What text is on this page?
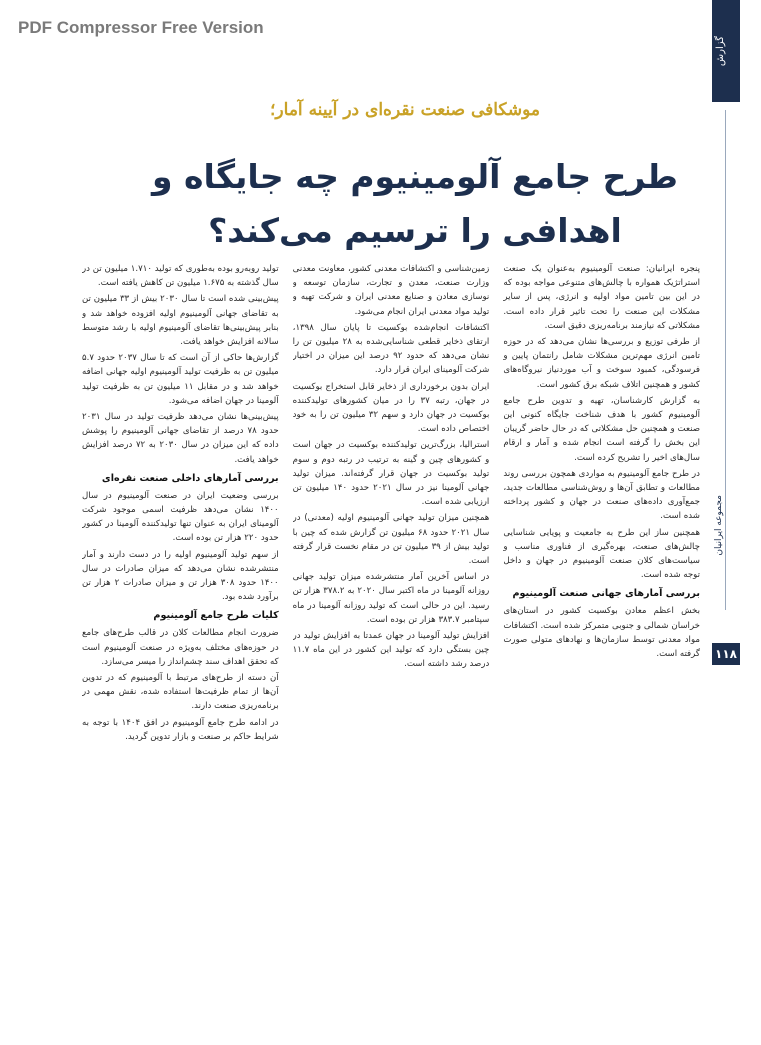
PDF Compressor Free Version
گزارش
مجموعه ایرانیان
۱۱۸
موشکافی صنعت نقره‌ای در آیینه آمار؛
طرح جامع آلومینیوم چه جایگاه و اهدافی را ترسیم می‌کند؟

پنجره ایرانیان: صنعت آلومینیوم به‌عنوان یک صنعت استراتژیک همواره با چالش‌های متنوعی مواجه بوده که در این بین تامین مواد اولیه و انرژی، پس از سایر مشکلات این صنعت را تحت تاثیر قرار داده است. مشکلاتی که نیازمند برنامه‌ریزی دقیق است.

از طرفی توزیع و بررسی‌ها نشان می‌دهد که در حوزه تامین انرژی مهم‌ترین مشکلات شامل رانتمان پایین و فرسودگی، کمبود سوخت و آب موردنیاز نیروگاه‌های کشور و همچنین اتلاف شبکه برق کشور است.

به گزارش کارشناسان، تهیه و تدوین طرح جامع آلومینیوم کشور با هدف شناخت جایگاه کنونی این صنعت و همچنین حل مشکلاتی که در حال حاضر گریبان این بخش را گرفته است انجام شده و آمار و ارقام سال‌های اخیر را تشریح کرده است.

در طرح جامع آلومینیوم به مواردی همچون بررسی روند مطالعات و تطابق آن‌ها و روش‌شناسی مطالعات جدید، جمع‌آوری داده‌های صنعت در جهان و کشور پرداخته شده است.

همچنین ساز این طرح به جامعیت و پویایی شناسایی چالش‌های صنعت، بهره‌گیری از فناوری مناسب و سیاست‌های کلان صنعت آلومینیوم در جهان و داخل توجه شده است.

بررسی آمارهای جهانی صنعت آلومینیوم

بخش اعظم معادن بوکسیت کشور در استان‌های خراسان شمالی و جنوبی متمرکز شده است. اکتشافات مواد معدنی توسط سازمان‌ها و نهادهای متولی صورت گرفته است.

زمین‌شناسی و اکتشافات معدنی کشور، معاونت معدنی وزارت صنعت، معدن و تجارت، سازمان توسعه و نوسازی معادن و صنایع معدنی ایران و شرکت تهیه و تولید مواد معدنی ایران انجام می‌شود.

اکتشافات انجام‌شده بوکسیت تا پایان سال ۱۳۹۸، ارتقای ذخایر قطعی شناسایی‌شده به ۲۸ میلیون تن را نشان می‌دهد که حدود ۹۲ درصد این میزان در اختیار شرکت آلومینای ایران قرار دارد.

ایران بدون برخورداری از ذخایر قابل استخراج بوکسیت در جهان، رتبه ۳۷ را در میان کشورهای تولیدکننده بوکسیت در جهان دارد و سهم ۳۲ میلیون تن را به خود اختصاص داده است.

استرالیا، بزرگ‌ترین تولیدکننده بوکسیت در جهان است و کشورهای چین و گینه به ترتیب در رتبه دوم و سوم تولید بوکسیت در جهان قرار گرفته‌اند. میزان تولید جهانی آلومینا نیز در سال ۲۰۲۱ حدود ۱۴۰ میلیون تن ارزیابی شده است.

همچنین میزان تولید جهانی آلومینیوم اولیه (معدنی) در سال ۲۰۲۱ حدود ۶۸ میلیون تن گزارش شده که چین با تولید بیش از ۳۹ میلیون تن در مقام نخست قرار گرفته است.

در اساس آخرین آمار منتشرشده میزان تولید جهانی روزانه آلومینا در ماه اکتبر سال ۲۰۲۰ به ۳۷۸.۲ هزار تن رسید. این در حالی است که تولید روزانه آلومینا در ماه سپتامبر ۳۸۳.۷ هزار تن بوده است.

افزایش تولید آلومینا در جهان عمدتا به افزایش تولید در چین بستگی دارد که تولید این کشور در این ماه ۱۱.۷ درصد رشد داشته است.

تولید روبه‌رو بوده به‌طوری که تولید ۱.۷۱۰ میلیون تن در سال گذشته به ۱.۶۷۵ میلیون تن کاهش یافته است.

پیش‌بینی شده است تا سال ۲۰۳۰ بیش از ۳۳ میلیون تن به تقاضای جهانی آلومینیوم اولیه افزوده خواهد شد و بنابر پیش‌بینی‌ها تقاضای آلومینیوم اولیه با رشد متوسط سالانه افزایش خواهد یافت.

گزارش‌ها حاکی از آن است که تا سال ۲۰۳۷ حدود ۵.۷ میلیون تن به ظرفیت تولید آلومینیوم اولیه جهانی اضافه خواهد شد و در مقابل ۱۱ میلیون تن به ظرفیت تولید آلومینا در جهان اضافه می‌شود.

پیش‌بینی‌ها نشان می‌دهد ظرفیت تولید در سال ۲۰۳۱ حدود ۷۸ درصد از تقاضای جهانی آلومینیوم را پوشش داده که این میزان در سال ۲۰۳۰ به ۷۲ درصد افزایش خواهد یافت.

بررسی آمارهای داخلی صنعت نقره‌ای

بررسی وضعیت ایران در صنعت آلومینیوم در سال ۱۴۰۰ نشان می‌دهد ظرفیت اسمی موجود شرکت آلومینای ایران به عنوان تنها تولیدکننده آلومینا در کشور حدود ۲۲۰ هزار تن بوده است.

از سهم تولید آلومینیوم اولیه را در دست دارند و آمار منتشرشده نشان می‌دهد که میزان صادرات در سال ۱۴۰۰ حدود ۳۰۸ هزار تن و میزان صادرات ۲ هزار تن برآورد شده بود.

کلیات طرح جامع آلومینیوم

ضرورت انجام مطالعات کلان در قالب طرح‌های جامع در حوزه‌های مختلف به‌ویژه در صنعت آلومینیوم است که تحقق اهداف سند چشم‌انداز را میسر می‌سازد.

آن دسته از طرح‌های مرتبط با آلومینیوم که در تدوین آن‌ها از تمام ظرفیت‌ها استفاده شده، نقش مهمی در برنامه‌ریزی صنعت دارند.

در ادامه طرح جامع آلومینیوم در افق ۱۴۰۴ با توجه به شرایط حاکم بر صنعت و بازار تدوین گردید.
